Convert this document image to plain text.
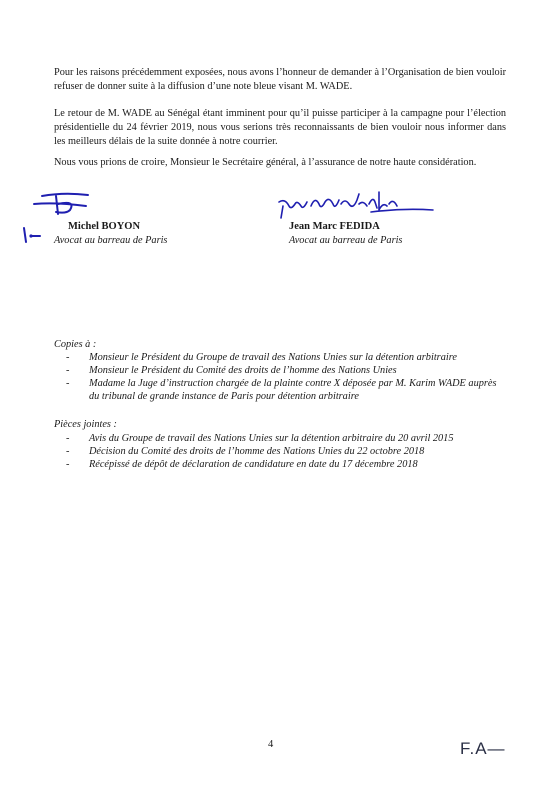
Pour les raisons précédemment exposées, nous avons l’honneur de demander à l’Organisation de bien vouloir refuser de donner suite à la diffusion d’une note bleue visant M. WADE.
Le retour de M. WADE au Sénégal étant imminent pour qu’il puisse participer à la campagne pour l’élection présidentielle du 24 février 2019, nous vous serions très reconnaissants de bien vouloir nous informer dans les meilleurs délais de la suite donnée à notre courrier.
Nous vous prions de croire, Monsieur le Secrétaire général, à l’assurance de notre haute considération.
Michel BOYON
Avocat au barreau de Paris
Jean Marc FEDIDA
Avocat au barreau de Paris
Copies à :
- Monsieur le Président du Groupe de travail des Nations Unies sur la détention arbitraire
- Monsieur le Président du Comité des droits de l’homme des Nations Unies
- Madame la Juge d’instruction chargée de la plainte contre X déposée par M. Karim WADE auprès du tribunal de grande instance de Paris pour détention arbitraire
Pièces jointes :
- Avis du Groupe de travail des Nations Unies sur la détention arbitraire du 20 avril 2015
- Décision du Comité des droits de l’homme des Nations Unies du 22 octobre 2018
- Récépissé de dépôt de déclaration de candidature en date du 17 décembre 2018
4	F.A—
